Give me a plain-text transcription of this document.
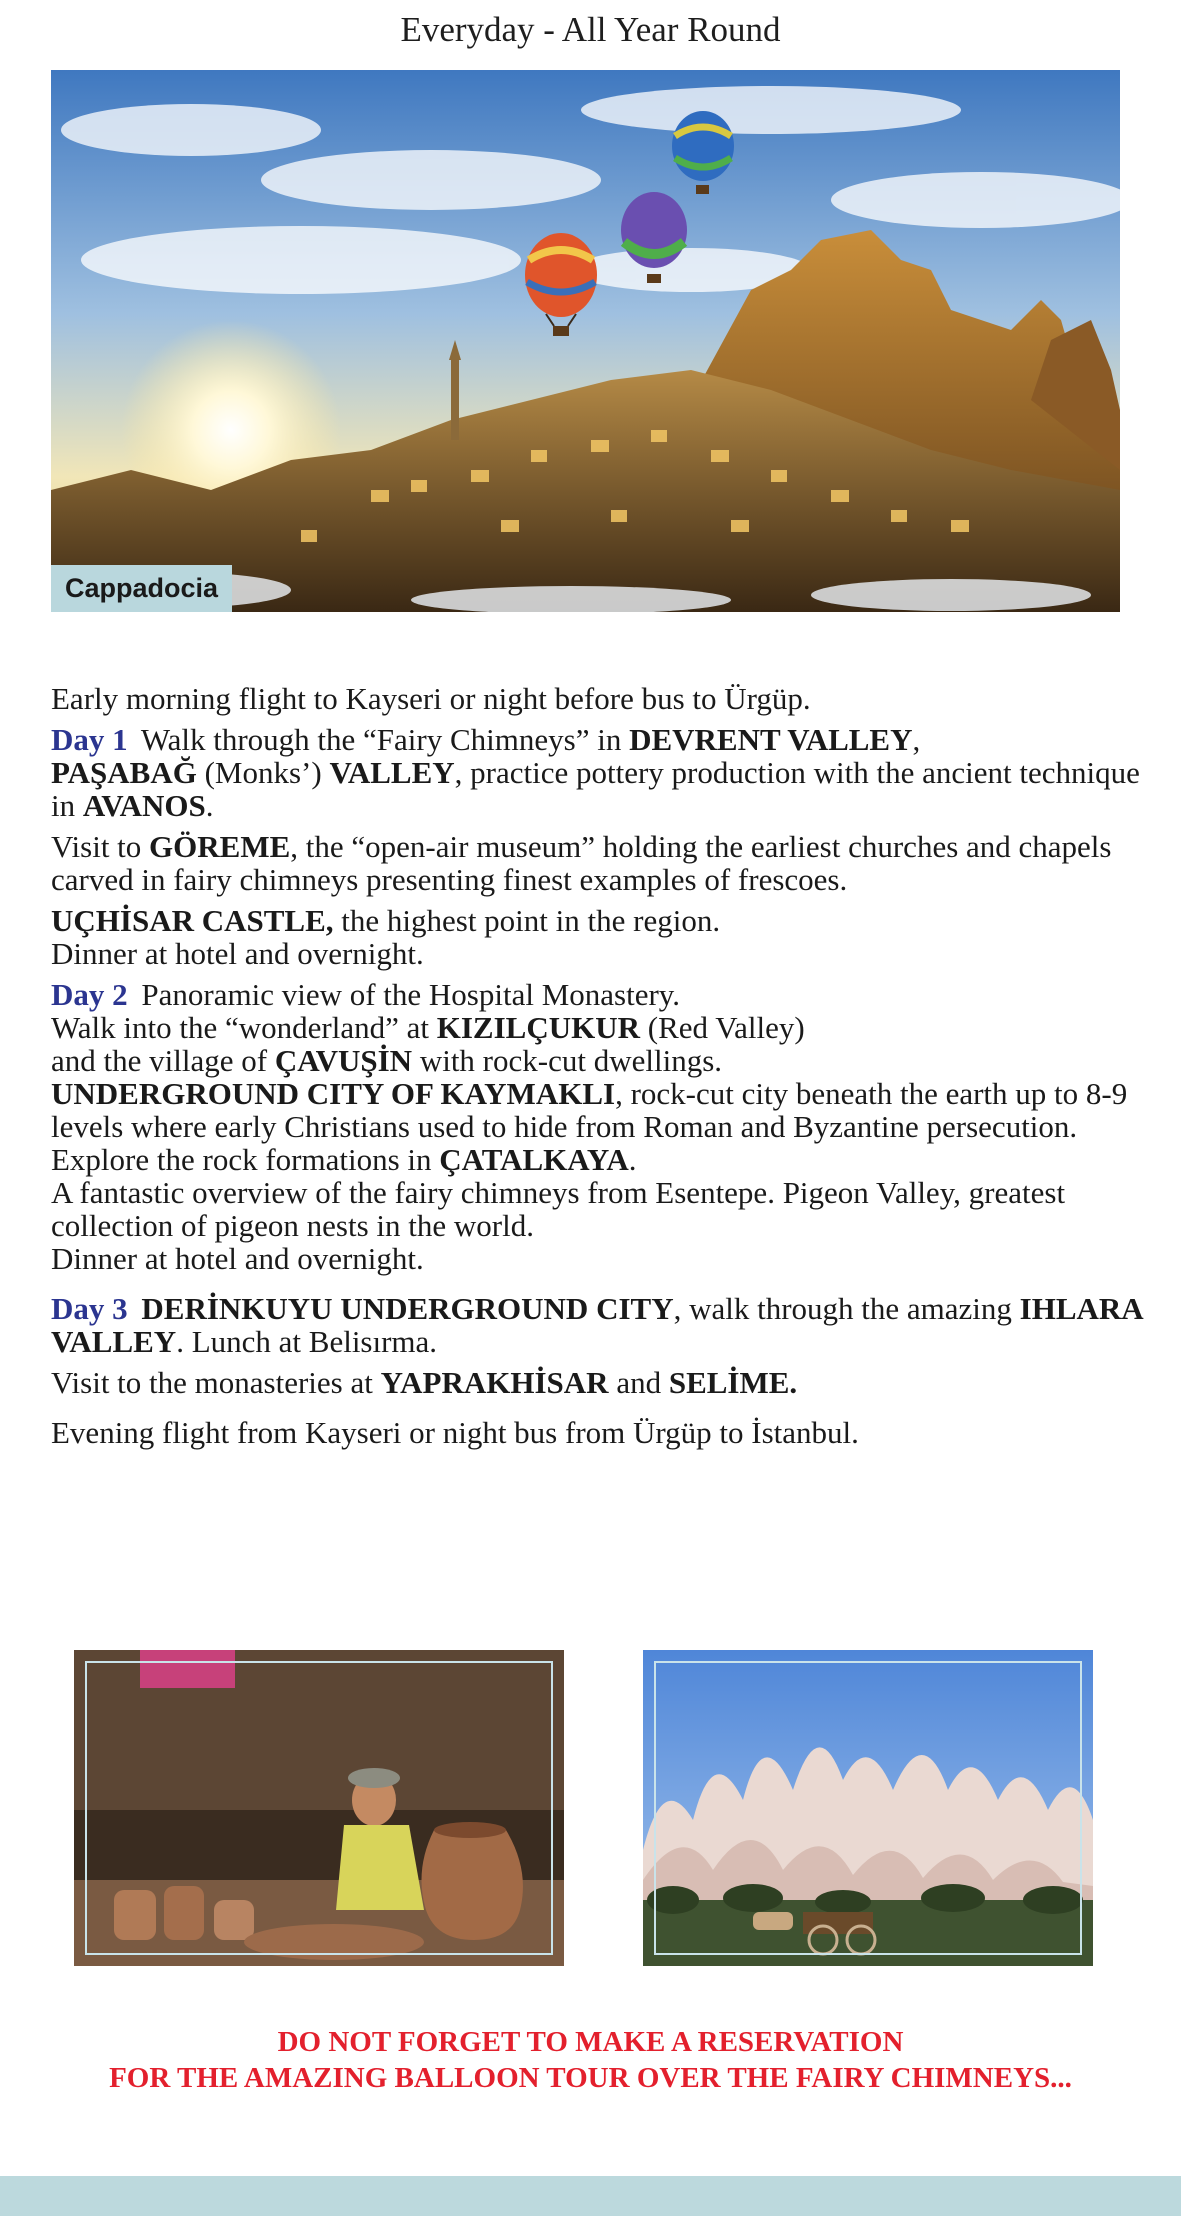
Everyday - All Year Round
Cappadocia

Early morning flight to Kayseri or night before bus to Ürgüp.

Day 1 Walk through the “Fairy Chimneys” in DEVRENT VALLEY,
PAŞABAĞ (Monks’) VALLEY, practice pottery production with the ancient technique in AVANOS.

Visit to GÖREME, the “open-air museum” holding the earliest churches and chapels carved in fairy chimneys presenting finest examples of frescoes.

UÇHİSAR CASTLE, the highest point in the region.
Dinner at hotel and overnight.

Day 2 Panoramic view of the Hospital Monastery.
Walk into the “wonderland” at KIZILÇUKUR (Red Valley)
and the village of ÇAVUŞİN with rock-cut dwellings.
UNDERGROUND CITY OF KAYMAKLI, rock-cut city beneath the earth up to 8-9 levels where early Christians used to hide from Roman and Byzantine persecution. Explore the rock formations in ÇATALKAYA.
A fantastic overview of the fairy chimneys from Esentepe. Pigeon Valley, greatest collection of pigeon nests in the world.
Dinner at hotel and overnight.

Day 3 DERİNKUYU UNDERGROUND CITY, walk through the amazing IHLARA VALLEY. Lunch at Belisırma.

Visit to the monasteries at YAPRAKHİSAR and SELİME.

Evening flight from Kayseri or night bus from Ürgüp to İstanbul.

DO NOT FORGET TO MAKE A RESERVATION
FOR THE AMAZING BALLOON TOUR OVER THE FAIRY CHIMNEYS...
